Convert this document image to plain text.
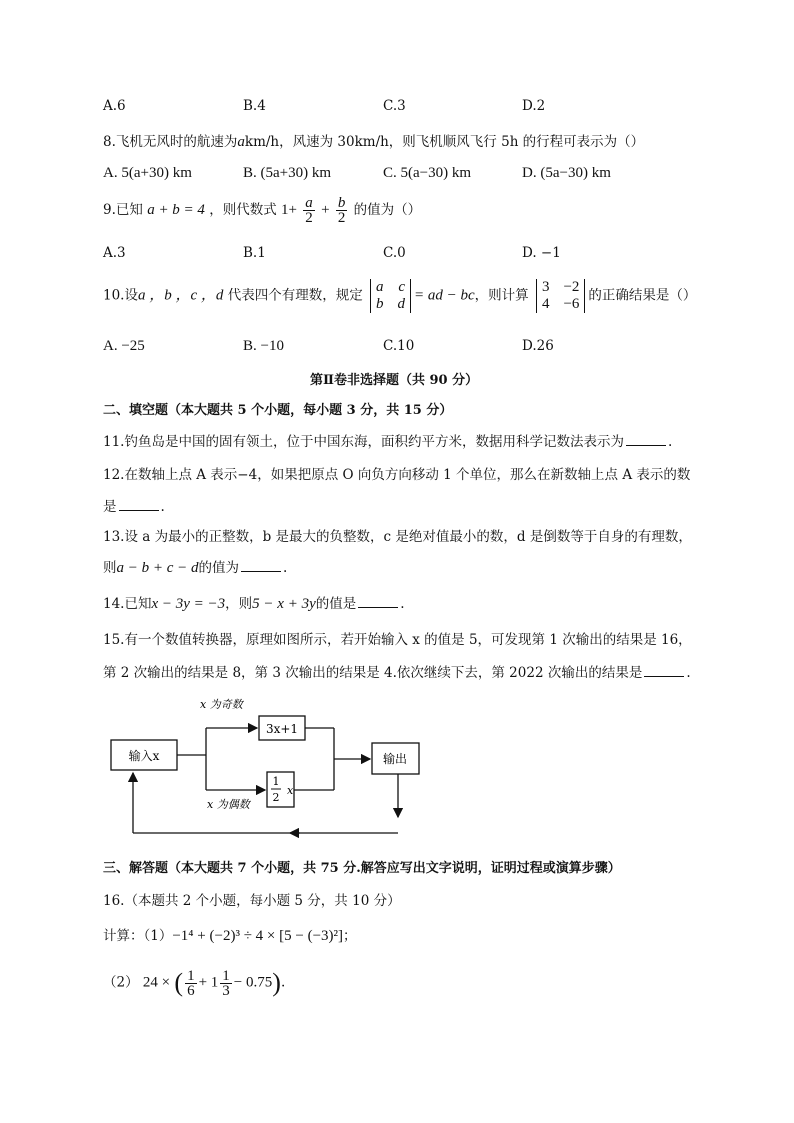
A.6	B.4	C.3	D.2
8.飞机无风时的航速为akm/h，风速为 30km/h，则飞机顺风飞行 5h 的行程可表示为（）
A. 5(a+30) km	B. (5a+30) km	C. 5(a−30) km	D. (5a−30) km
9.已知 a + b = 4 ，则代数式 $1+ \frac{a}{2} + \frac{b}{2}$ 的值为（）
A.3	B.1	C.0	D. −1
10.设a ，b ，c ，d 代表四个有理数，规定
a c
b d
= ad − bc，则计算
3 −2
4 −6
的正确结果是（）
A. −25	B. −10	C.10	D.26
第Ⅱ卷非选择题（共 90 分）
二、填空题（本大题共 5 个小题，每小题 3 分，共 15 分）
11.钓鱼岛是中国的固有领土，位于中国东海，面积约平方米，数据用科学记数法表示为	.
12.在数轴上点 A 表示−4，如果把原点 O 向负方向移动 1 个单位，那么在新数轴上点 A 表示的数
是	.
13.设 a 为最小的正整数，b 是最大的负整数，c 是绝对值最小的数，d 是倒数等于自身的有理数，
则a − b + c − d的值为	.
14.已知x − 3y = −3，则5 − x + 3y的值是	.
15.有一个数值转换器，原理如图所示，若开始输入 x 的值是 5，可发现第 1 次输出的结果是 16，
第 2 次输出的结果是 8，第 3 次输出的结果是 4.依次继续下去，第 2022 次输出的结果是	.
输入x
x 为奇数
x 为偶数
3x+1
1
2
x
输出
三、解答题（本大题共 7 个小题，共 75 分.解答应写出文字说明，证明过程或演算步骤）
16.（本题共 2 个小题，每小题 5 分，共 10 分）
计算：（1）−1⁴ + (−2)³ ÷ 4 × [5 − (−3)²]；
（2） 24 × ( $\frac{1}{6} + 1 \frac{1}{3} - 0.75$).
